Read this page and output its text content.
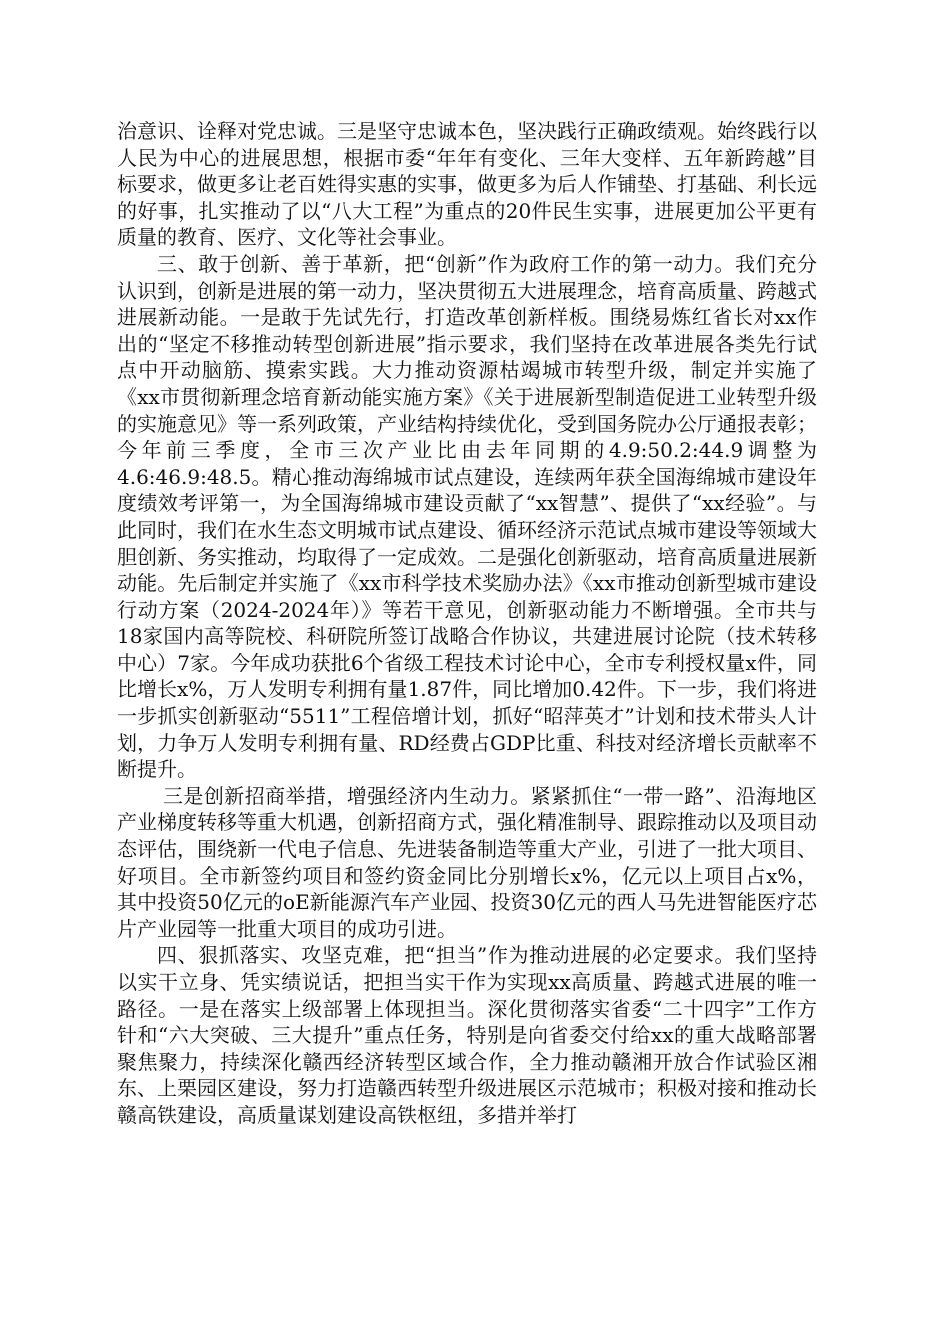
治意识、诠释对党忠诚。三是坚守忠诚本色，坚决践行正确政绩观。始终践行以人民为中心的进展思想，根据市委“年年有变化、三年大变样、五年新跨越”目标要求，做更多让老百姓得实惠的实事，做更多为后人作铺垫、打基础、利长远的好事，扎实推动了以“八大工程”为重点的20件民生实事，进展更加公平更有质量的教育、医疗、文化等社会事业。

三、敢于创新、善于革新，把“创新”作为政府工作的第一动力。我们充分认识到，创新是进展的第一动力，坚决贯彻五大进展理念，培育高质量、跨越式进展新动能。一是敢于先试先行，打造改革创新样板。围绕易炼红省长对xx作出的“坚定不移推动转型创新进展”指示要求，我们坚持在改革进展各类先行试点中开动脑筋、摸索实践。大力推动资源枯竭城市转型升级，制定并实施了《xx市贯彻新理念培育新动能实施方案》《关于进展新型制造促进工业转型升级的实施意见》等一系列政策，产业结构持续优化，受到国务院办公厅通报表彰；今年前三季度，全市三次产业比由去年同期的4.9:50.2:44.9调整为4.6:46.9:48.5。精心推动海绵城市试点建设，连续两年获全国海绵城市建设年度绩效考评第一，为全国海绵城市建设贡献了“xx智慧”、提供了“xx经验”。与此同时，我们在水生态文明城市试点建设、循环经济示范试点城市建设等领域大胆创新、务实推动，均取得了一定成效。二是强化创新驱动，培育高质量进展新动能。先后制定并实施了《xx市科学技术奖励办法》《xx市推动创新型城市建设行动方案（2024-2024年）》等若干意见，创新驱动能力不断增强。全市共与18家国内高等院校、科研院所签订战略合作协议，共建进展讨论院（技术转移中心）7家。今年成功获批6个省级工程技术讨论中心，全市专利授权量x件，同比增长x%，万人发明专利拥有量1.87件，同比增加0.42件。下一步，我们将进一步抓实创新驱动“5511”工程倍增计划，抓好“昭萍英才”计划和技术带头人计划，力争万人发明专利拥有量、RD经费占GDP比重、科技对经济增长贡献率不断提升。

三是创新招商举措，增强经济内生动力。紧紧抓住“一带一路”、沿海地区产业梯度转移等重大机遇，创新招商方式，强化精准制导、跟踪推动以及项目动态评估，围绕新一代电子信息、先进装备制造等重大产业，引进了一批大项目、好项目。全市新签约项目和签约资金同比分别增长x%，亿元以上项目占x%，其中投资50亿元的oE新能源汽车产业园、投资30亿元的西人马先进智能医疗芯片产业园等一批重大项目的成功引进。

四、狠抓落实、攻坚克难，把“担当”作为推动进展的必定要求。我们坚持以实干立身、凭实绩说话，把担当实干作为实现xx高质量、跨越式进展的唯一路径。一是在落实上级部署上体现担当。深化贯彻落实省委“二十四字”工作方针和“六大突破、三大提升”重点任务，特别是向省委交付给xx的重大战略部署聚焦聚力，持续深化赣西经济转型区域合作，全力推动赣湘开放合作试验区湘东、上栗园区建设，努力打造赣西转型升级进展区示范城市；积极对接和推动长赣高铁建设，高质量谋划建设高铁枢纽，多措并举打
